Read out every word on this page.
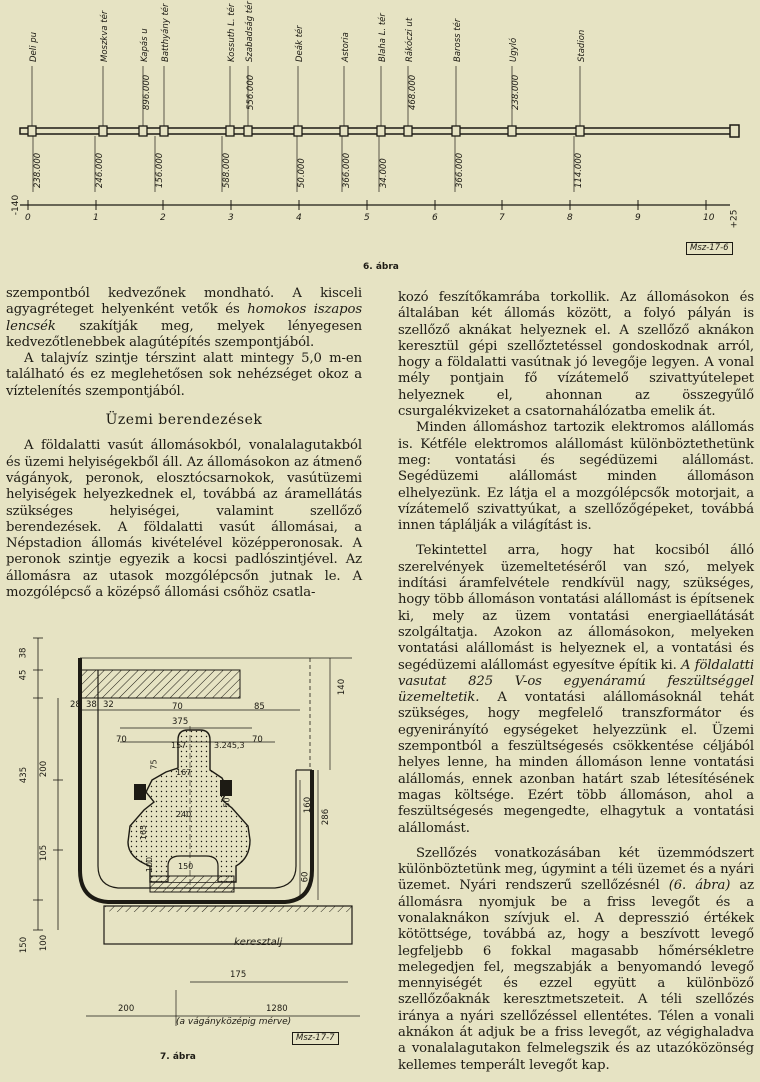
Deli pu	Moszkva tér	Kapás u Batthyány tér	Kossuth L. tér Szabadság tér	Deák tér	Astoria	Blaha L. tér Rákóczi ut	Baross tér	Ugyló	Stadion
896.000	556.000	468.000	238.000
238.000	246.000	156.000	588.000	50.000	366.000	34.000	366.000	114.000
0	1	2	3	4	5	6	7	8	9	10
-140
+25
Msz-17-6
6. ábra

szempontból kedvezőnek mondható. A kisceli agyagréteget helyenként vetők és homokos iszapos lencsék szakítják meg, melyek lényegesen kedvezőtlenebbek alagútépítés szempontjából.

A talajvíz szintje térszint alatt mintegy 5,0 m-en található és ez meglehetősen sok nehézséget okoz a víztelenítés szempontjából.

Üzemi berendezések

A földalatti vasút állomásokból, vonalalagutakból és üzemi helyiségekből áll. Az állomásokon az átmenő vágányok, peronok, elosztócsarnokok, vasútüzemi helyiségek helyezkednek el, továbbá az áramellátás szükséges helyiségei, valamint szellőző berendezések. A földalatti vasút állomásai, a Népstadion állomás kivételével középperonosak. A peronok szintje egyezik a kocsi padlószintjével. Az állomásra az utasok mozgólépcsőn jutnak le. A mozgólépcső a középső állomási csőhöz csatla-

kozó feszítőkamrába torkollik. Az állomásokon és általában két állomás között, a folyó pályán is szellőző aknákat helyeznek el. A szellőző aknákon keresztül gépi szellőztetéssel gondoskodnak arról, hogy a földalatti vasútnak jó levegője legyen. A vonal mély pontjain fő vízátemelő szivattyútelepet helyeznek el, ahonnan az összegyűlő csurgalékvizeket a csatornahálózatba emelik át.

Minden állomáshoz tartozik elektromos alállomás is. Kétféle elektromos alállomást különböztethetünk meg: vontatási és segédüzemi alállomást. Segédüzemi alállomást minden állomáson elhelyezünk. Ez látja el a mozgólépcsők motorjait, a vízátemelő szivattyúkat, a szellőzőgépeket, továbbá innen táplálják a világítást is.

Tekintettel arra, hogy hat kocsiból álló szerelvények üzemeltetéséről van szó, melyek indítási áramfelvétele rendkívül nagy, szükséges, hogy több állomáson vontatási alállomást is építsenek ki, mely az üzem vontatási energiaellátását szolgáltatja. Azokon az állomásokon, melyeken vontatási alállomást is helyeznek el, a vontatási és segédüzemi alállomást egyesítve építik ki. A földalatti vasutat 825 V-os egyenáramú feszültséggel üzemeltetik. A vontatási alállomásoknál tehát szükséges, hogy megfelelő transzformátor és egyenirányító egységeket helyezzünk el. Üzemi szempontból a feszültségesés csökkentése céljából helyes lenne, ha minden állomáson lenne vontatási alállomás, ennek azonban határt szab létesítésének magas költsége. Ezért több állomáson, ahol a feszültségesés megengedte, elhagytuk a vontatási alállomást.

Szellőzés vonatkozásában két üzemmódszert különböztetünk meg, úgymint a téli üzemet és a nyári üzemet. Nyári rendszerű szellőzésnél (6. ábra) az állomásra nyomjuk be a friss levegőt és a vonalaknákon szívjuk el. A depresszió értékek kötöttsége, továbbá az, hogy a beszívott levegő legfeljebb 6 fokkal magasabb hőmérsékletre melegedjen fel, megszabják a benyomandó levegő mennyiségét és ezzel együtt a különböző szellőzőaknák keresztmetszeteit. A téli szellőzés iránya a nyári szellőzéssel ellentétes. Télen a vonali aknákon át adjuk be a friss levegőt, az végighaladva a vonalalagutakon felmelegszik és az utazóközönség kellemes temperált levegőt kap.

45
38
435
150
200
105
100
28 38 32	70
375
85
70	70
157
75
167
240
165
150
100
50
3.245,3
140
160
286
60
keresztalj
175
200	1280
(a vágányközépig mérve)
Msz-17-7
7. ábra
